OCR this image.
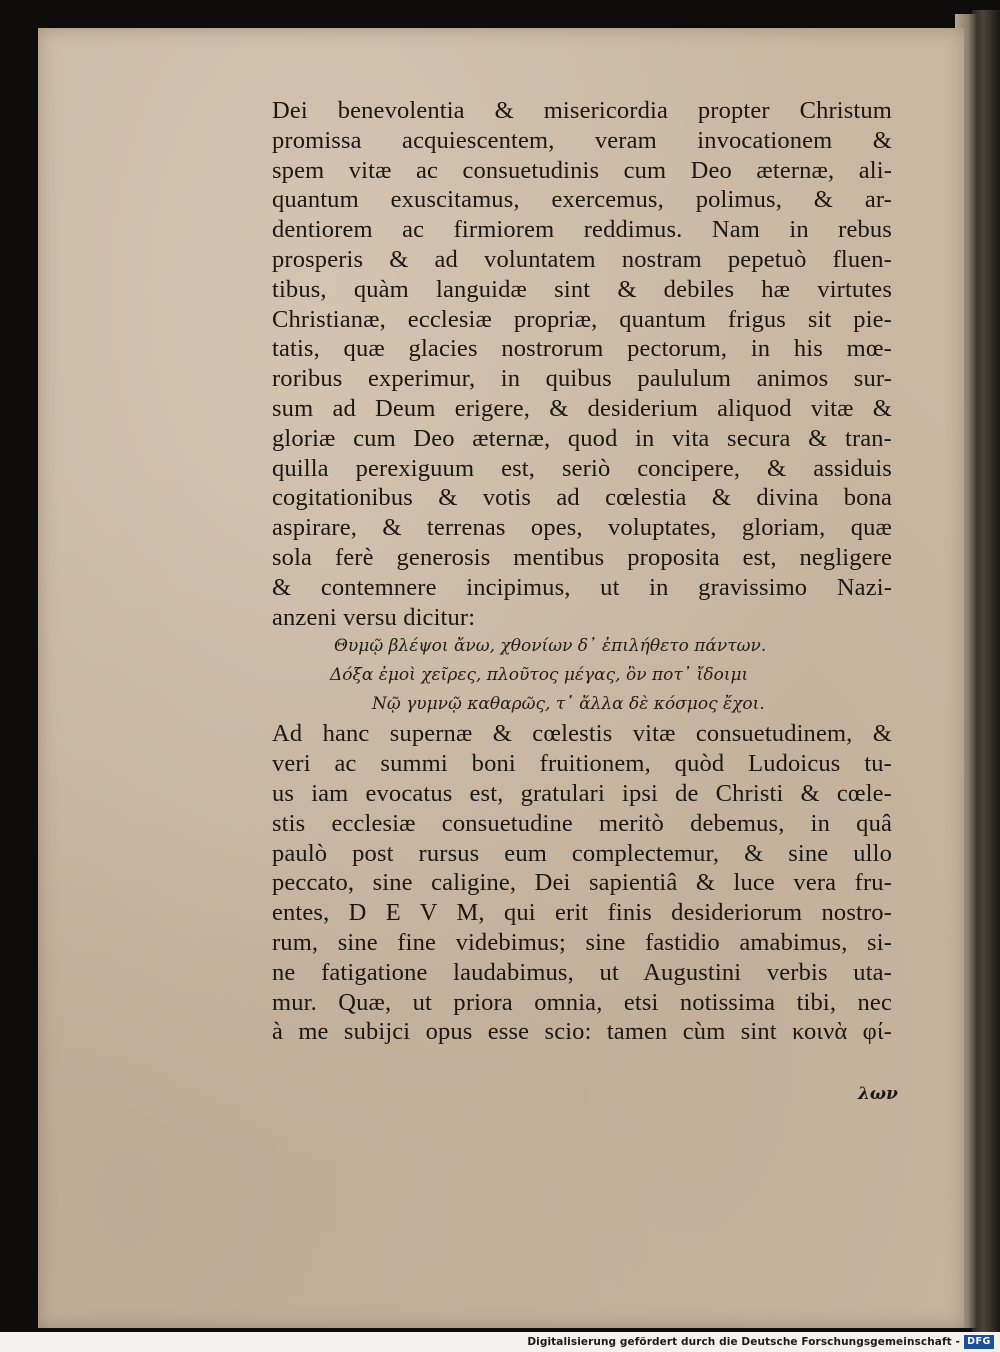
Dei benevolentia & misericordia propter Christum
promissa acquiescentem, veram invocationem &
spem vitæ ac consuetudinis cum Deo æternæ, ali-
quantum exuscitamus, exercemus, polimus, & ar-
dentiorem ac firmiorem reddimus. Nam in rebus
prosperis & ad voluntatem nostram pepetuò fluen-
tibus, quàm languidæ sint & debiles hæ virtutes
Christianæ, ecclesiæ propriæ, quantum frigus sit pie-
tatis, quæ glacies nostrorum pectorum, in his mœ-
roribus experimur, in quibus paululum animos sur-
sum ad Deum erigere, & desiderium aliquod vitæ &
gloriæ cum Deo æternæ, quod in vita secura & tran-
quilla perexiguum est, seriò concipere, & assiduis
cogitationibus & votis ad cœlestia & divina bona
aspirare, & terrenas opes, voluptates, gloriam, quæ
sola ferè generosis mentibus proposita est, negligere
& contemnere incipimus, ut in gravissimo Nazi-
anzeni versu dicitur:
Θυμῷ βλέψοι ἄνω, χθονίων δ᾽ ἐπιλήθετο πάντων.
Δόξα ἐμοὶ χεῖρες, πλοῦτος μέγας, ὃν ποτ᾽ ἴδοιμι
Νῷ γυμνῷ καθαρῶς, τ᾽ ἄλλα δὲ κόσμος ἔχοι.
Ad hanc supernæ & cœlestis vitæ consuetudinem, &
veri ac summi boni fruitionem, quòd Ludoicus tu-
us iam evocatus est, gratulari ipsi de Christi & cœle-
stis ecclesiæ consuetudine meritò debemus, in quâ
paulò post rursus eum complectemur, & sine ullo
peccato, sine caligine, Dei sapientiâ & luce vera fru-
entes, D E V M, qui erit finis desideriorum nostro-
rum, sine fine videbimus; sine fastidio amabimus, si-
ne fatigatione laudabimus, ut Augustini verbis uta-
mur. Quæ, ut priora omnia, etsi notissima tibi, nec
à me subijci opus esse scio: tamen cùm sint κοινὰ φί-
λων
Digitalisierung gefördert durch die Deutsche Forschungsgemeinschaft - DFG
